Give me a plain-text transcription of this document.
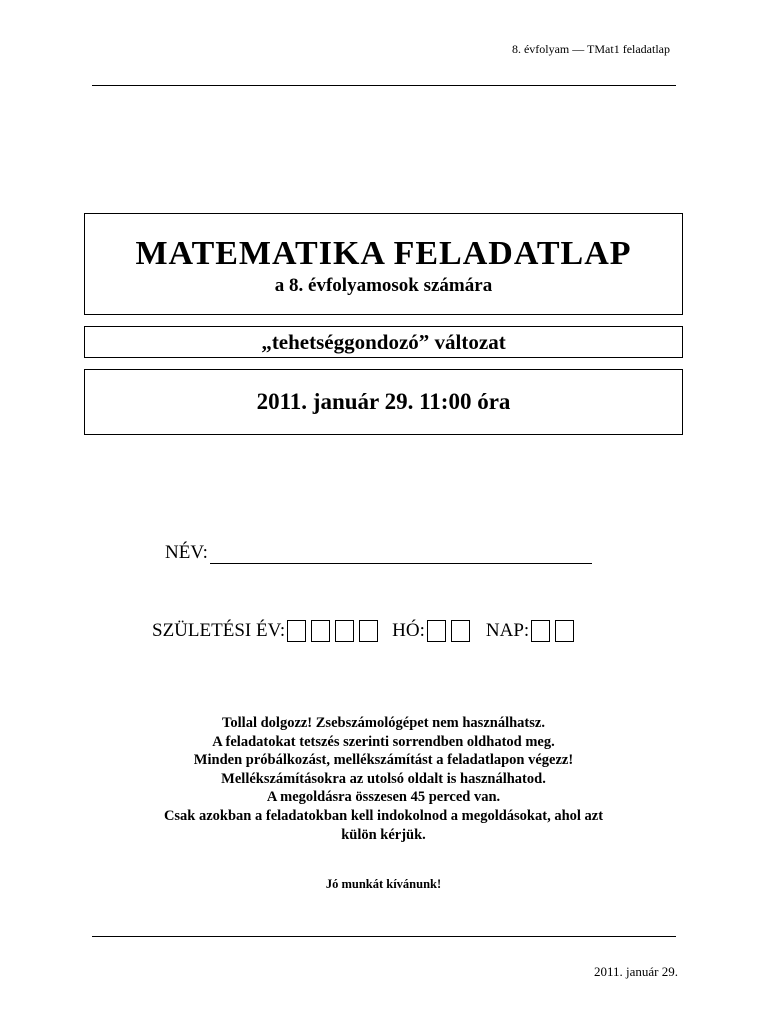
8. évfolyam — TMat1 feladatlap
MATEMATIKA FELADATLAP
a 8. évfolyamosok számára
„tehetséggondozó” változat
2011. január 29. 11:00 óra
NÉV:
SZÜLETÉSI ÉV:	HÓ:	NAP:
Tollal dolgozz! Zsebszámológépet nem használhatsz.
A feladatokat tetszés szerinti sorrendben oldhatod meg.
Minden próbálkozást, mellékszámítást a feladatlapon végezz!
Mellékszámításokra az utolsó oldalt is használhatod.
A megoldásra összesen 45 perced van.
Csak azokban a feladatokban kell indokolnod a megoldásokat, ahol azt
külön kérjük.
Jó munkát kívánunk!
2011. január 29.
